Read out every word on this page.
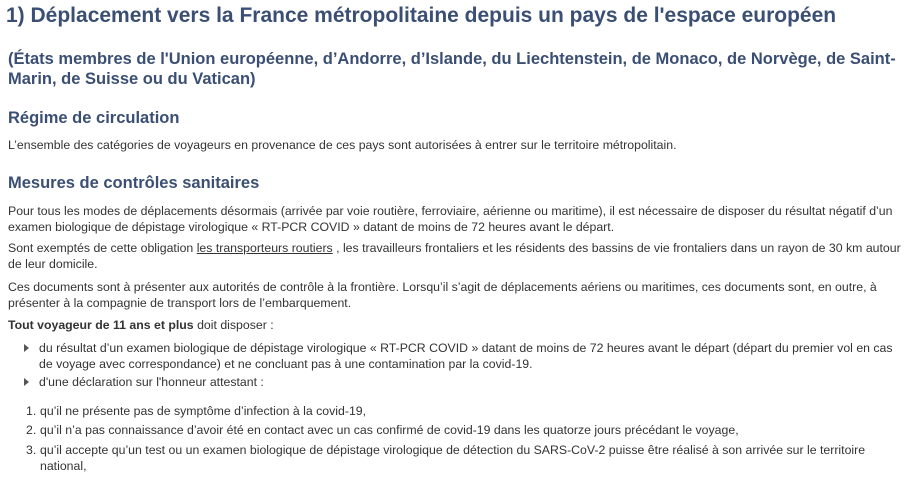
1) Déplacement vers la France métropolitaine depuis un pays de l'espace européen

(États membres de l'Union européenne, d’Andorre, d’Islande, du Liechtenstein, de Monaco, de Norvège, de Saint-Marin, de Suisse ou du Vatican)

Régime de circulation

L’ensemble des catégories de voyageurs en provenance de ces pays sont autorisées à entrer sur le territoire métropolitain.

Mesures de contrôles sanitaires

Pour tous les modes de déplacements désormais (arrivée par voie routière, ferroviaire, aérienne ou maritime), il est nécessaire de disposer du résultat négatif d’un examen biologique de dépistage virologique « RT-PCR COVID » datant de moins de 72 heures avant le départ.

Sont exemptés de cette obligation les transporteurs routiers , les travailleurs frontaliers et les résidents des bassins de vie frontaliers dans un rayon de 30 km autour de leur domicile.

Ces documents sont à présenter aux autorités de contrôle à la frontière. Lorsqu’il s’agit de déplacements aériens ou maritimes, ces documents sont, en outre, à présenter à la compagnie de transport lors de l’embarquement.

Tout voyageur de 11 ans et plus doit disposer :

du résultat d’un examen biologique de dépistage virologique « RT-PCR COVID » datant de moins de 72 heures avant le départ (départ du premier vol en cas de voyage avec correspondance) et ne concluant pas à une contamination par la covid-19.
d'une déclaration sur l'honneur attestant :
1. qu’il ne présente pas de symptôme d’infection à la covid-19,
2. qu’il n’a pas connaissance d’avoir été en contact avec un cas confirmé de covid-19 dans les quatorze jours précédant le voyage,
3. qu’il accepte qu’un test ou un examen biologique de dépistage virologique de détection du SARS-CoV-2 puisse être réalisé à son arrivée sur le territoire national,
